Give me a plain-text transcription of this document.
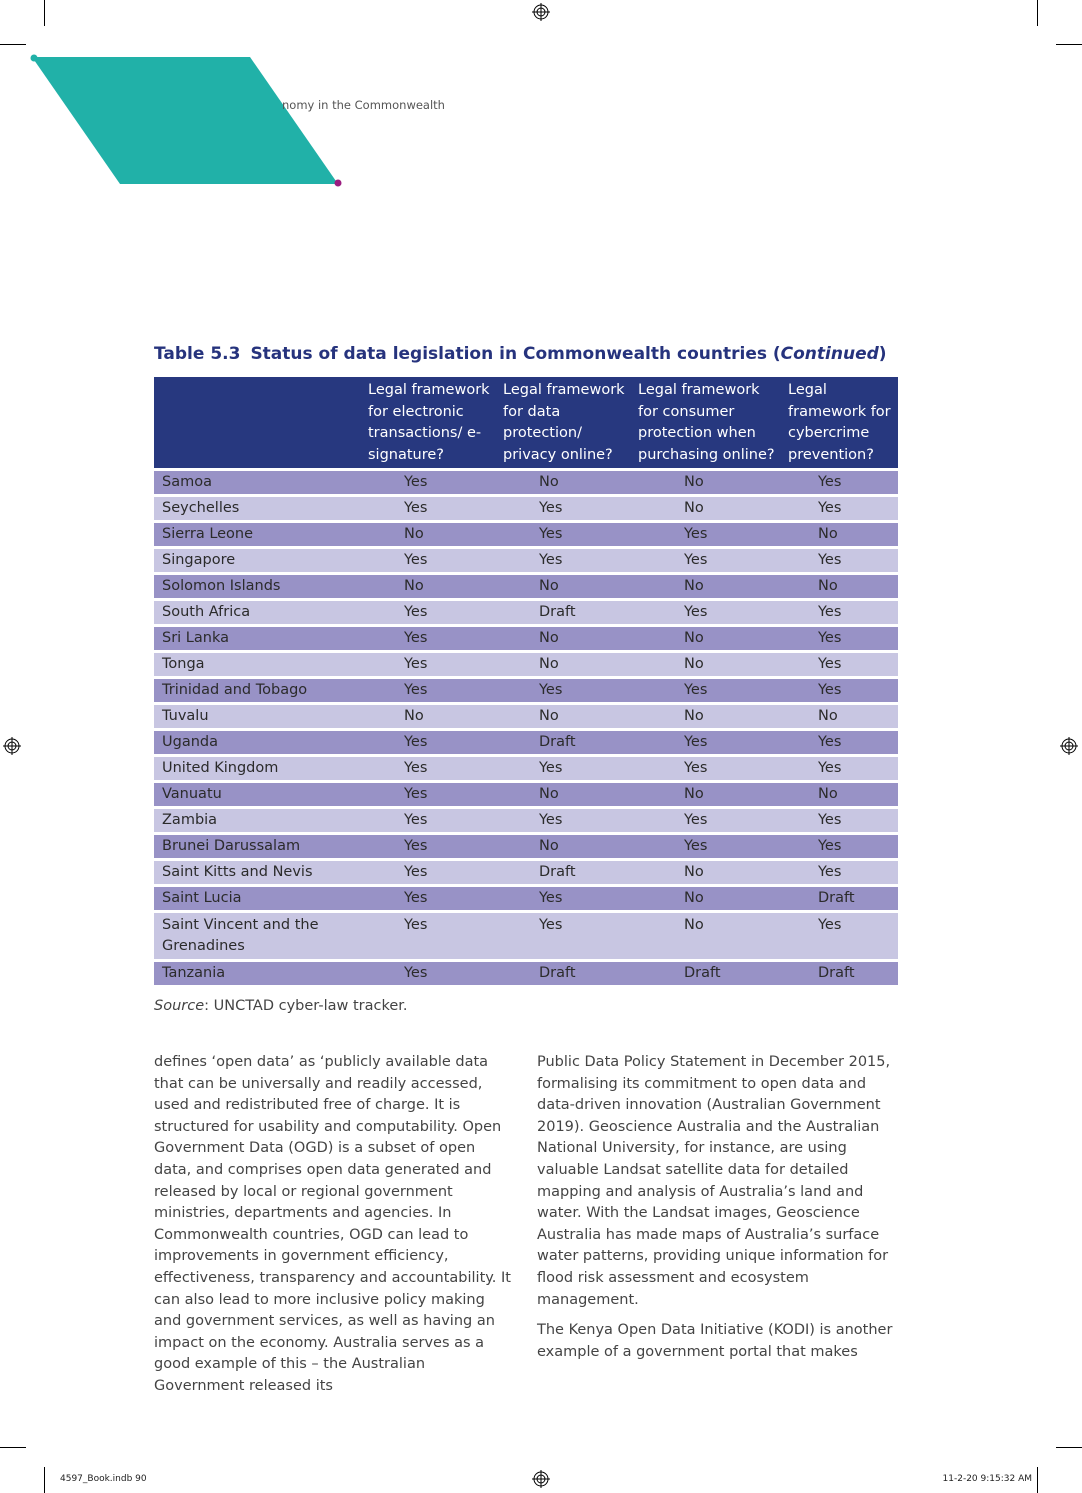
nomy in the Commonwealth
Table 5.3 Status of data legislation in Commonwealth countries (Continued)
	Legal framework for electronic transactions/ e-signature?	Legal framework for data protection/ privacy online?	Legal framework for consumer protection when purchasing online?	Legal framework for cybercrime prevention?
Samoa	Yes	No	No	Yes
Seychelles	Yes	Yes	No	Yes
Sierra Leone	No	Yes	Yes	No
Singapore	Yes	Yes	Yes	Yes
Solomon Islands	No	No	No	No
South Africa	Yes	Draft	Yes	Yes
Sri Lanka	Yes	No	No	Yes
Tonga	Yes	No	No	Yes
Trinidad and Tobago	Yes	Yes	Yes	Yes
Tuvalu	No	No	No	No
Uganda	Yes	Draft	Yes	Yes
United Kingdom	Yes	Yes	Yes	Yes
Vanuatu	Yes	No	No	No
Zambia	Yes	Yes	Yes	Yes
Brunei Darussalam	Yes	No	Yes	Yes
Saint Kitts and Nevis	Yes	Draft	No	Yes
Saint Lucia	Yes	Yes	No	Draft
Saint Vincent and the Grenadines	Yes	Yes	No	Yes
Tanzania	Yes	Draft	Draft	Draft
Source: UNCTAD cyber-law tracker.

defines ‘open data’ as ‘publicly available data that can be universally and readily accessed, used and redistributed free of charge. It is structured for usability and computability. Open Government Data (OGD) is a subset of open data, and comprises open data generated and released by local or regional government ministries, departments and agencies. In Commonwealth countries, OGD can lead to improvements in government efficiency, effectiveness, transparency and accountability. It can also lead to more inclusive policy making and government services, as well as having an impact on the economy. Australia serves as a good example of this – the Australian Government released its

Public Data Policy Statement in December 2015, formalising its commitment to open data and data-driven innovation (Australian Government 2019). Geoscience Australia and the Australian National University, for instance, are using valuable Landsat satellite data for detailed mapping and analysis of Australia’s land and water. With the Landsat images, Geoscience Australia has made maps of Australia’s surface water patterns, providing unique information for flood risk assessment and ecosystem management.

The Kenya Open Data Initiative (KODI) is another example of a government portal that makes

4597_Book.indb 90	11-2-20 9:15:32 AM
